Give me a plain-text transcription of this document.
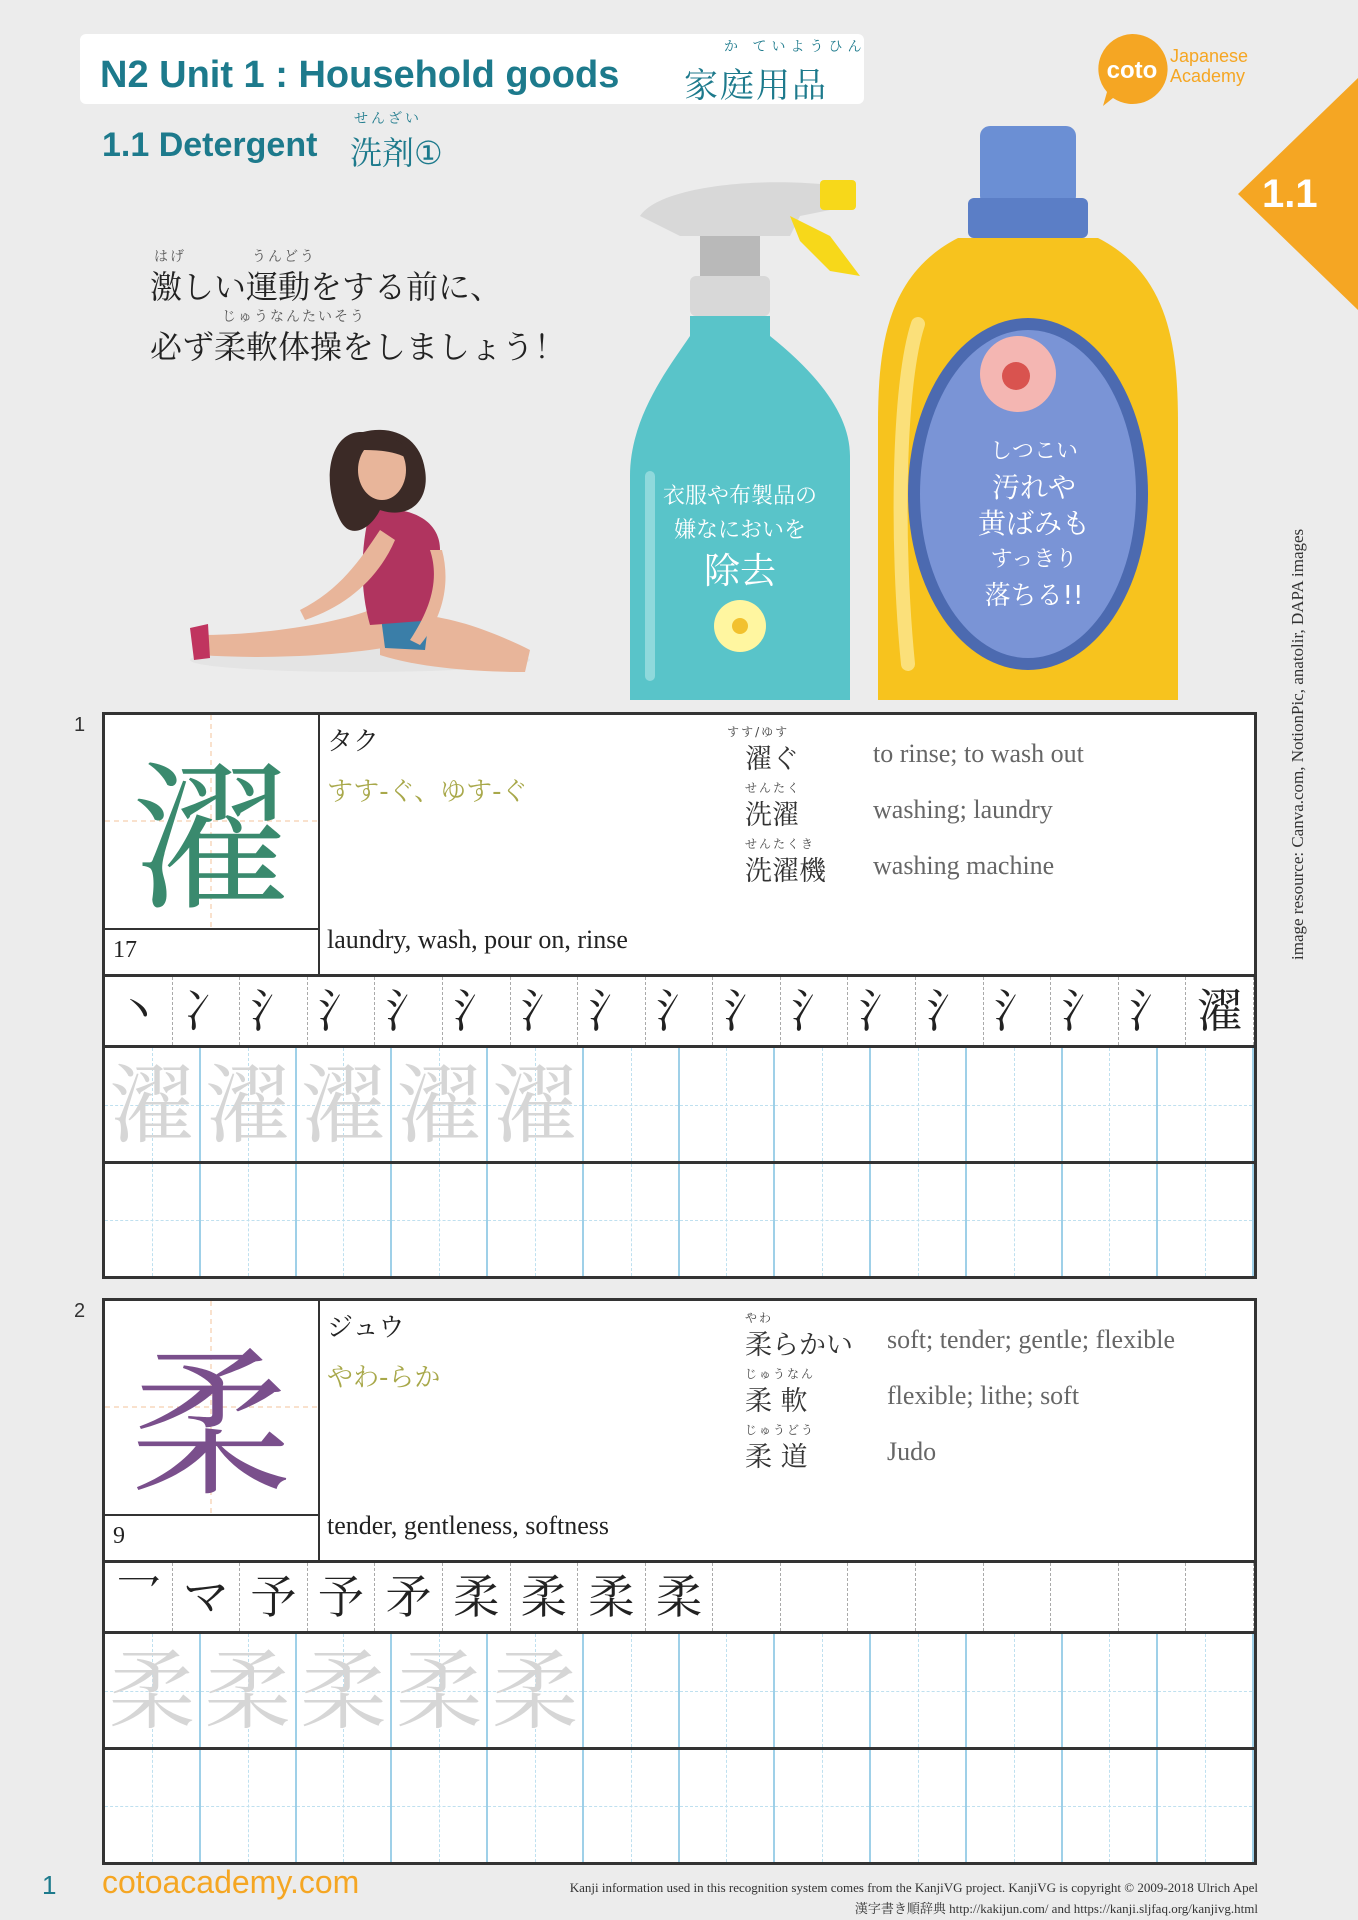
N2 Unit 1 : Household goods
か ていようひん
家庭用品
1.1 Detergent
せんざい
洗剤①
coto
Japanese
Academy
1.1
はげ	うんどう
激しい運動をする前に、
じゅうなんたいそう
必ず柔軟体操をしましょう！
衣服や布製品の
嫌なにおいを
除去
しつこい
汚れや
黄ばみも
すっきり
落ちる!!	image resource: Canva.com, NotionPic, anatolir, DAPA images
1
濯
17
タク
すす-ぐ、ゆす-ぐ
laundry, wash, pour on, rinse
すす/ゆす
濯ぐ	to rinse; to wash out
せんたく
洗濯	washing; laundry
せんたくき
洗濯機 washing machine
丶 冫 氵 氵 氵 氵 氵 氵 氵 氵 氵 氵 氵 氵 氵 氵 濯
濯 濯 濯 濯 濯
2
柔
9
ジュウ
やわ-らか
tender, gentleness, softness
やわ
柔らかい soft; tender; gentle; flexible
じゅうなん
柔 軟	flexible; lithe; soft
じゅうどう
柔 道	Judo
乛 マ 予 予 矛 柔 柔 柔 柔
柔 柔 柔 柔 柔
1 cotoacademy.com	Kanji information used in this recognition system comes from the KanjiVG project. KanjiVG is copyright © 2009-2018 Ulrich Apel
漢字書き順辞典 http://kakijun.com/ and https://kanji.sljfaq.org/kanjivg.html
